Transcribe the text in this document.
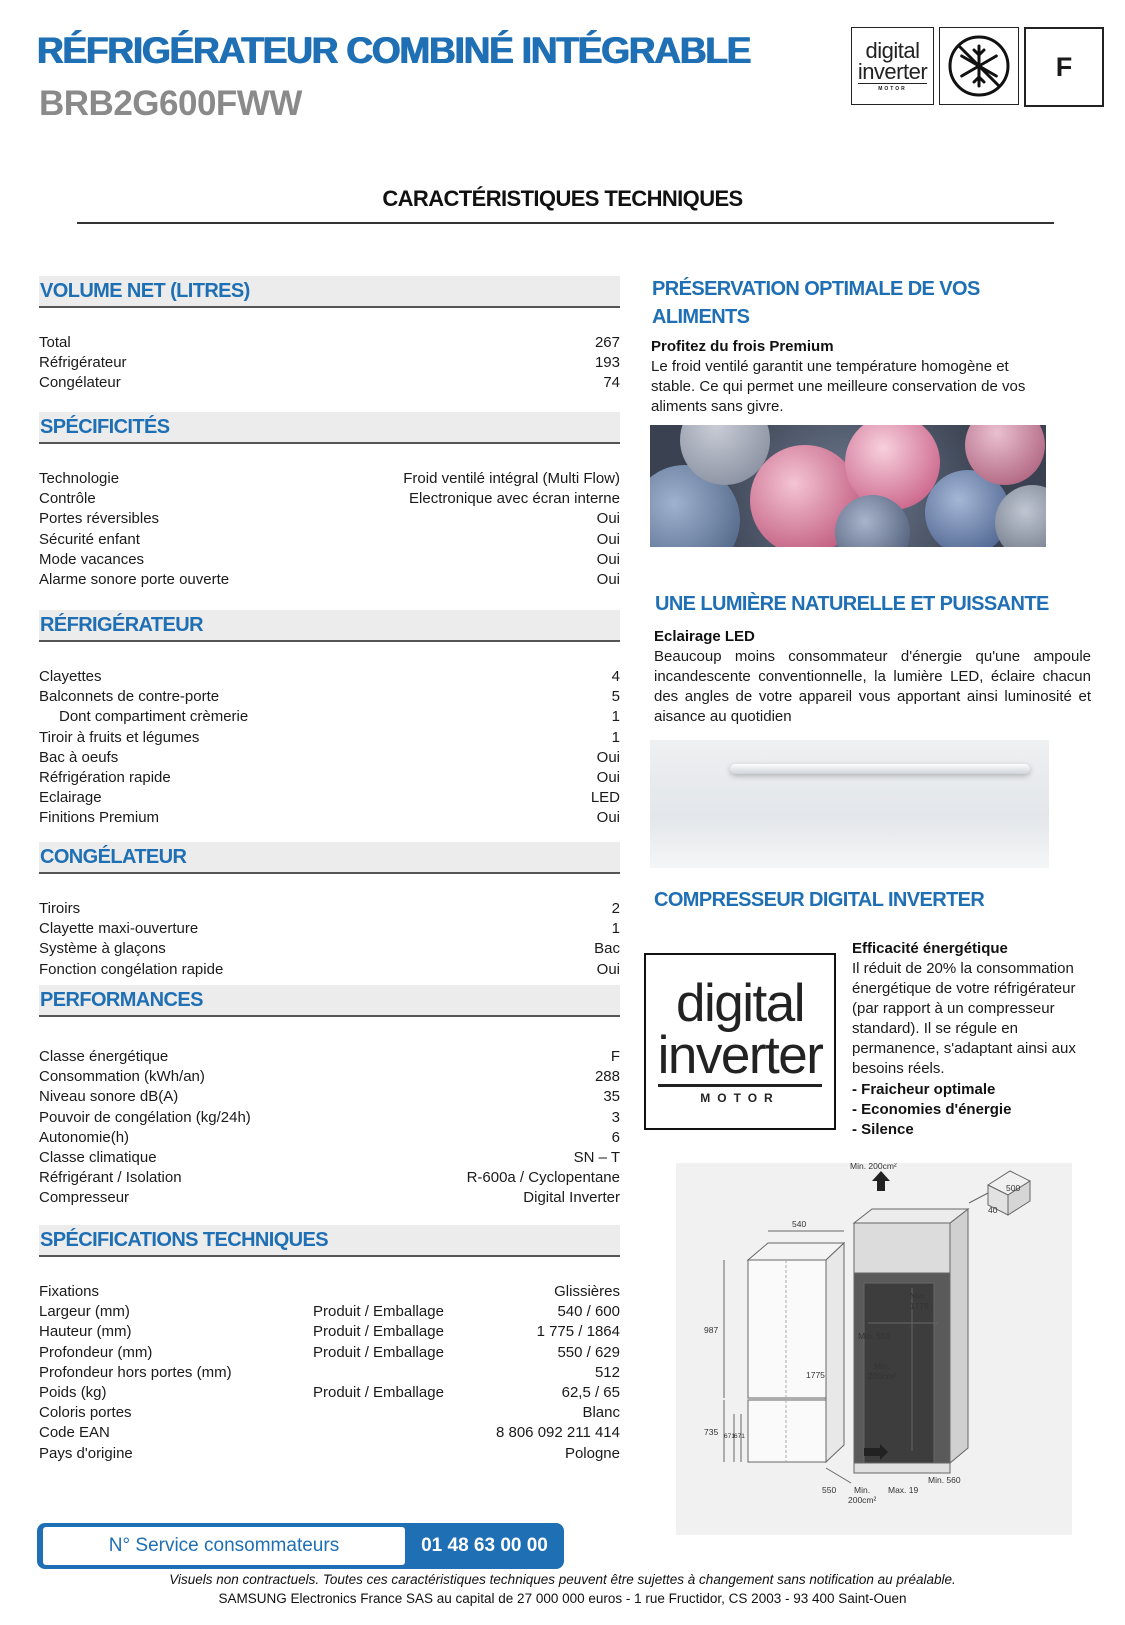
RÉFRIGÉRATEUR COMBINÉ INTÉGRABLE
BRB2G600FWW
digital
inverter
MOTOR
F
CARACTÉRISTIQUES TECHNIQUES
VOLUME NET (LITRES)
Total	267
Réfrigérateur	193
Congélateur	74
SPÉCIFICITÉS
Technologie	Froid ventilé intégral (Multi Flow)
Contrôle	Electronique avec écran interne
Portes réversibles	Oui
Sécurité enfant	Oui
Mode vacances	Oui
Alarme sonore porte ouverte	Oui
RÉFRIGÉRATEUR
Clayettes	4
Balconnets de contre-porte	5
Dont compartiment crèmerie	1
Tiroir à fruits et légumes	1
Bac à oeufs	Oui
Réfrigération rapide	Oui
Eclairage	LED
Finitions Premium	Oui
CONGÉLATEUR
Tiroirs	2
Clayette maxi-ouverture	1
Système à glaçons	Bac
Fonction congélation rapide	Oui
PERFORMANCES
Classe énergétique	F
Consommation (kWh/an)	288
Niveau sonore dB(A)	35
Pouvoir de congélation (kg/24h)	3
Autonomie(h)	6
Classe climatique	SN – T
Réfrigérant / Isolation	R-600a / Cyclopentane
Compresseur	Digital Inverter
SPÉCIFICATIONS TECHNIQUES
Fixations	Glissières
Largeur (mm)	Produit / Emballage	540 / 600
Hauteur (mm)	Produit / Emballage	1 775 / 1864
Profondeur (mm)	Produit / Emballage	550 / 629
Profondeur hors portes (mm)	512
Poids (kg)	Produit / Emballage	62,5 / 65
Coloris portes	Blanc
Code EAN	8 806 092 211 414
Pays d'origine	Pologne
PRÉSERVATION OPTIMALE DE VOS
ALIMENTS
Profitez du frois Premium
Le froid ventilé garantit une température homogène et stable. Ce qui permet une meilleure conservation de vos aliments sans givre.
UNE LUMIÈRE NATURELLE ET PUISSANTE
Eclairage LED
Beaucoup moins consommateur d'énergie qu'une ampoule incandescente conventionnelle, la lumière LED, éclaire chacun des angles de votre appareil vous apportant ainsi luminosité et aisance au quotidien
COMPRESSEUR DIGITAL INVERTER
digital
inverter
MOTOR
Efficacité énergétique
Il réduit de 20% la consommation énergétique de votre réfrigérateur (par rapport à un compresseur standard). Il se régule en permanence, s'adaptant ainsi aux besoins réels.
- Fraicheur optimale
- Economies d'énergie
- Silence
Min. 200cm²
500
40
540
987
1775
735 671 671
Min.
1778
Min. 555
Min.
200cm²
550 Min.
200cm²
Max. 19
Min. 560
N° Service consommateurs	01 48 63 00 00
Visuels non contractuels. Toutes ces caractéristiques techniques peuvent être sujettes à changement sans notification au préalable.
SAMSUNG Electronics France SAS au capital de 27 000 000 euros - 1 rue Fructidor, CS 2003 - 93 400 Saint-Ouen
